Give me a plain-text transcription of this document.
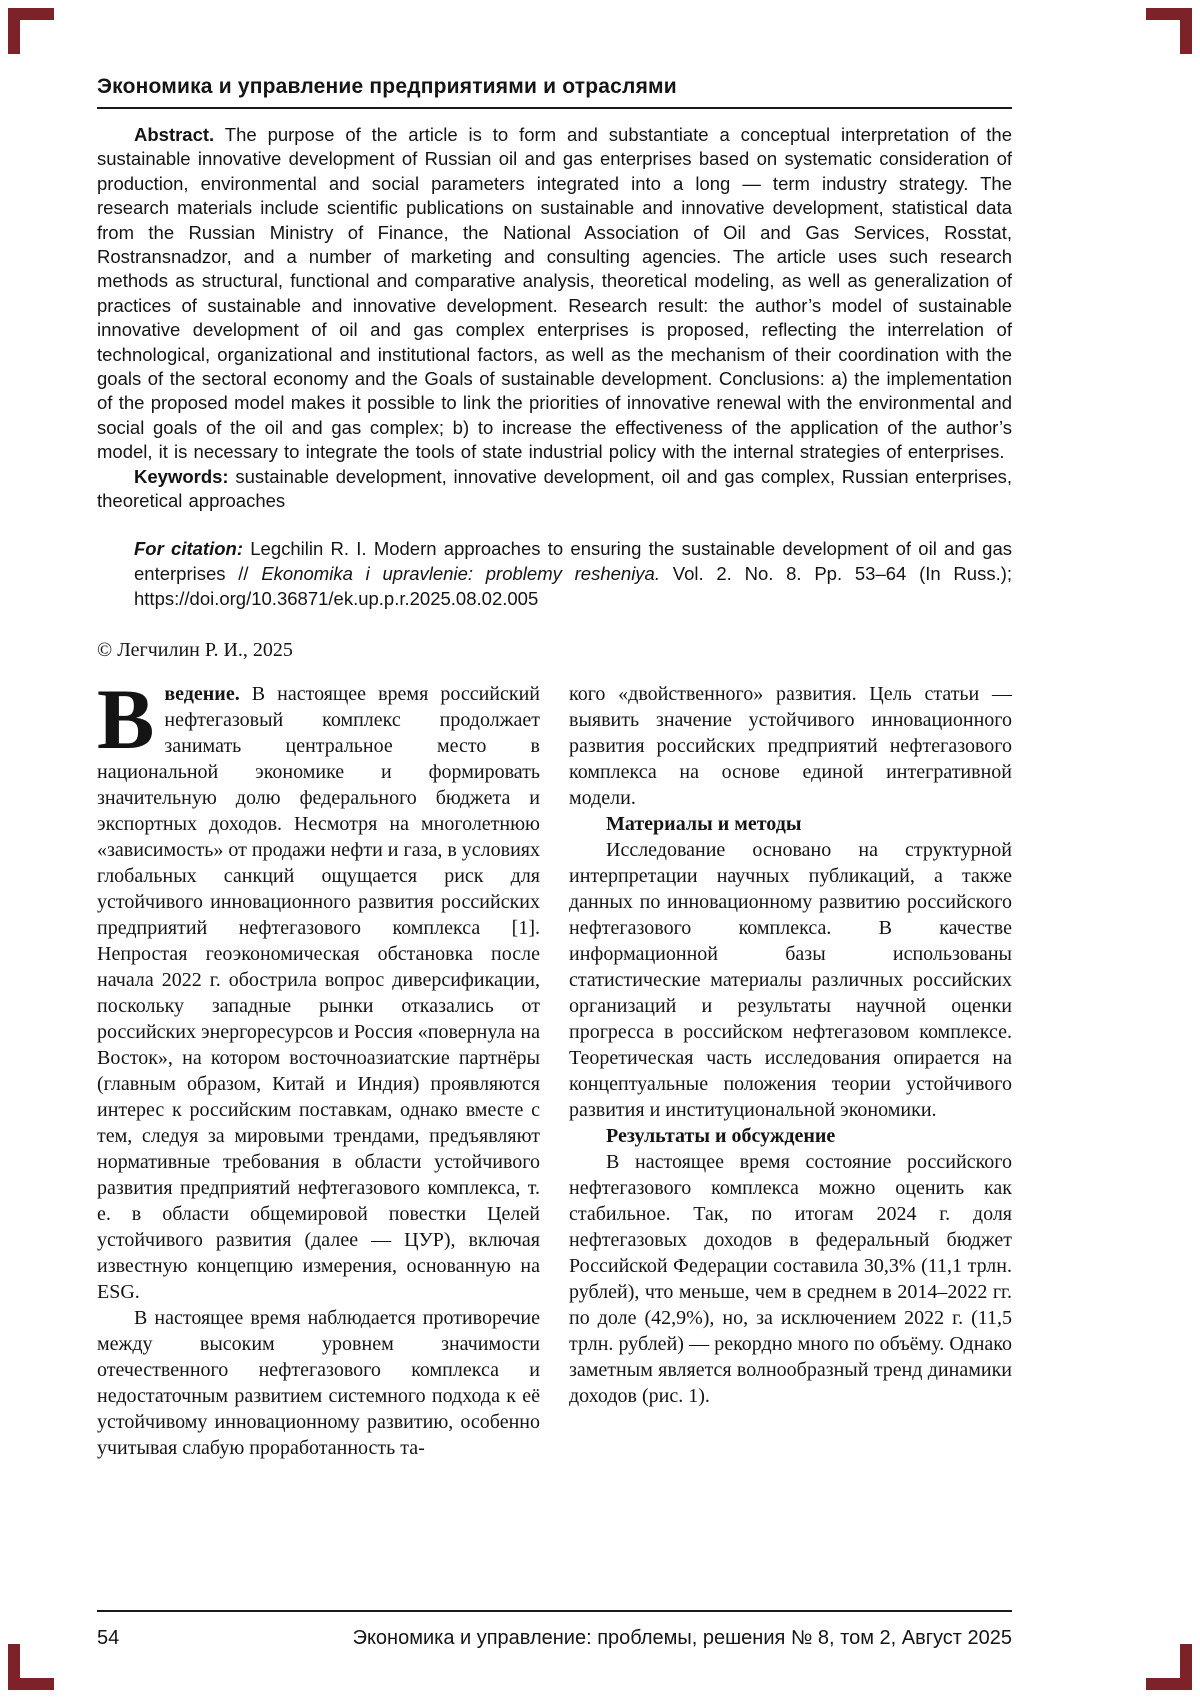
Экономика и управление предприятиями и отраслями

Abstract. The purpose of the article is to form and substantiate a conceptual interpretation of the sustainable innovative development of Russian oil and gas enterprises based on systematic consideration of production, environmental and social parameters integrated into a long — term industry strategy. The research materials include scientific publications on sustainable and innovative development, statistical data from the Russian Ministry of Finance, the National Association of Oil and Gas Services, Rosstat, Rostransnadzor, and a number of marketing and consulting agencies. The article uses such research methods as structural, functional and comparative analysis, theoretical modeling, as well as generalization of practices of sustainable and innovative development. Research result: the author’s model of sustainable innovative development of oil and gas complex enterprises is proposed, reflecting the interrelation of technological, organizational and institutional factors, as well as the mechanism of their coordination with the goals of the sectoral economy and the Goals of sustainable development. Conclusions: a) the implementation of the proposed model makes it possible to link the priorities of innovative renewal with the environmental and social goals of the oil and gas complex; b) to increase the effectiveness of the application of the author’s model, it is necessary to integrate the tools of state industrial policy with the internal strategies of enterprises.

Keywords: sustainable development, innovative development, oil and gas complex, Russian enterprises, theoretical approaches

For citation: Legchilin R. I. Modern approaches to ensuring the sustainable development of oil and gas enterprises // Ekonomika i upravlenie: problemy resheniya. Vol. 2. No. 8. Pp. 53–64 (In Russ.); https://doi.org/10.36871/ek.up.p.r.2025.08.02.005

© Легчилин Р. И., 2025

Введение. В настоящее время российский нефтегазовый комплекс продолжает занимать центральное место в национальной экономике и формировать значительную долю федерального бюджета и экспортных доходов. Несмотря на многолетнюю «зависимость» от продажи нефти и газа, в условиях глобальных санкций ощущается риск для устойчивого инновационного развития российских предприятий нефтегазового комплекса [1]. Непростая геоэкономическая обстановка после начала 2022 г. обострила вопрос диверсификации, поскольку западные рынки отказались от российских энергоресурсов и Россия «повернула на Восток», на котором восточноазиатские партнёры (главным образом, Китай и Индия) проявляются интерес к российским поставкам, однако вместе с тем, следуя за мировыми трендами, предъявляют нормативные требования в области устойчивого развития предприятий нефтегазового комплекса, т. е. в области общемировой повестки Целей устойчивого развития (далее — ЦУР), включая известную концепцию измерения, основанную на ESG.

В настоящее время наблюдается противоречие между высоким уровнем значимости отечественного нефтегазового комплекса и недостаточным развитием системного подхода к её устойчивому инновационному развитию, особенно учитывая слабую проработанность та-

кого «двойственного» развития. Цель статьи — выявить значение устойчивого инновационного развития российских предприятий нефтегазового комплекса на основе единой интегративной модели.

Материалы и методы

Исследование основано на структурной интерпретации научных публикаций, а также данных по инновационному развитию российского нефтегазового комплекса. В качестве информационной базы использованы статистические материалы различных российских организаций и результаты научной оценки прогресса в российском нефтегазовом комплексе. Теоретическая часть исследования опирается на концептуальные положения теории устойчивого развития и институциональной экономики.

Результаты и обсуждение

В настоящее время состояние российского нефтегазового комплекса можно оценить как стабильное. Так, по итогам 2024 г. доля нефтегазовых доходов в федеральный бюджет Российской Федерации составила 30,3% (11,1 трлн. рублей), что меньше, чем в среднем в 2014–2022 гг. по доле (42,9%), но, за исключением 2022 г. (11,5 трлн. рублей) — рекордно много по объёму. Однако заметным является волнообразный тренд динамики доходов (рис. 1).

54	Экономика и управление: проблемы, решения № 8, том 2, Август 2025
